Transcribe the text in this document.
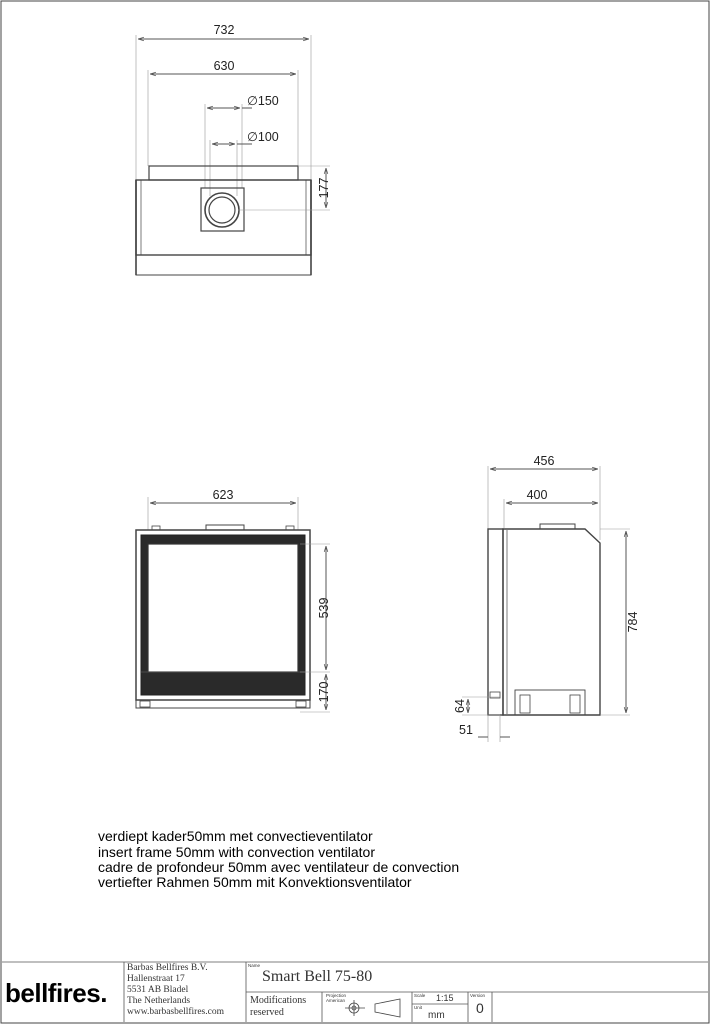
732
630
∅150
∅100
177
623
539
170
456
400
784
64
51
verdiept kader50mm met convectieventilator
insert frame 50mm with convection ventilator
cadre de profondeur 50mm avec ventilateur de convection
vertiefter Rahmen 50mm mit Konvektionsventilator
bellfires.
Barbas Bellfires B.V.
Hallenstraat 17
5531 AB Bladel
The Netherlands
www.barbasbellfires.com
Name
Smart Bell 75-80
Modifications
reserved
Projection American
Scale 1:15
Unit
mm
Version
0
